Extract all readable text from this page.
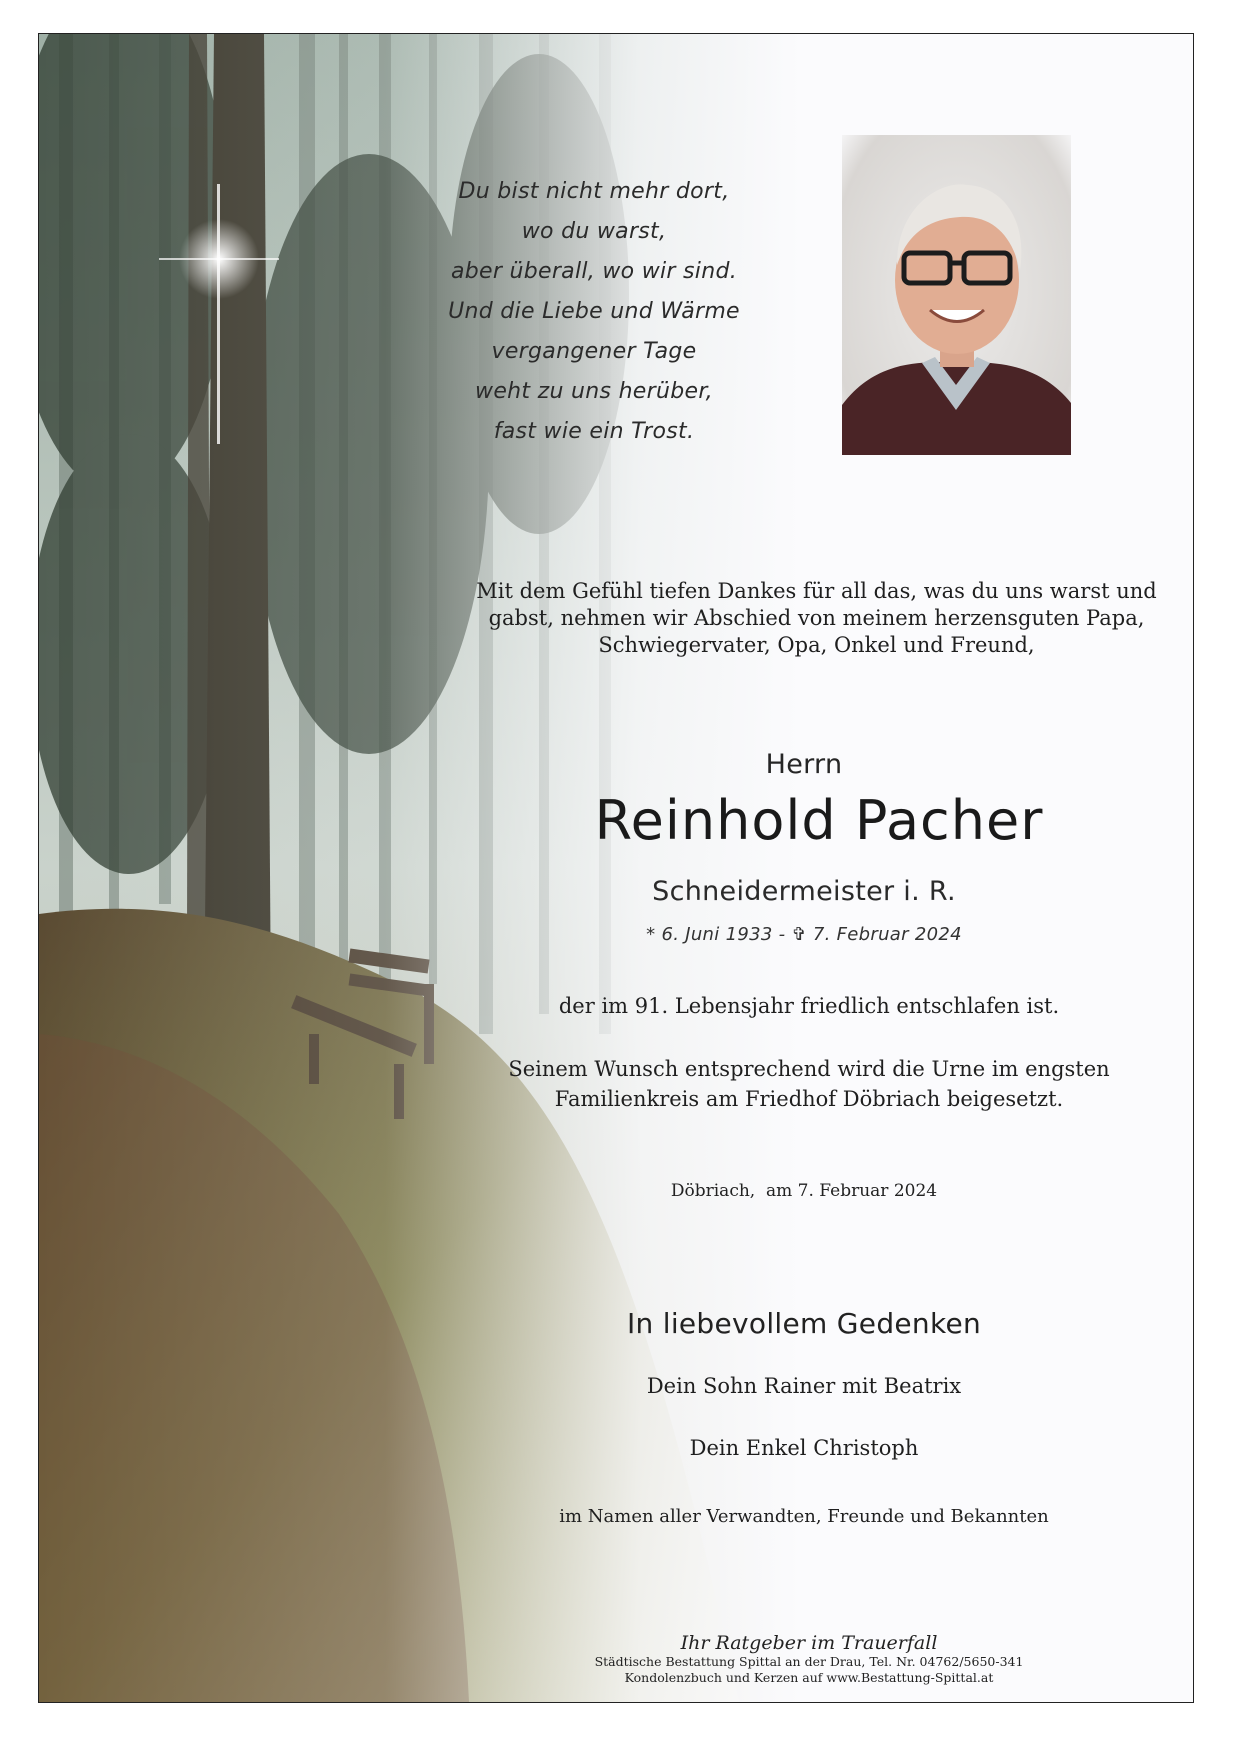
Du bist nicht mehr dort,
wo du warst,
aber überall, wo wir sind.
Und die Liebe und Wärme
vergangener Tage
weht zu uns herüber,
fast wie ein Trost.
Mit dem Gefühl tiefen Dankes für all das, was du uns warst und
gabst, nehmen wir Abschied von meinem herzensguten Papa,
Schwiegervater, Opa, Onkel und Freund,
Herrn
Reinhold Pacher
Schneidermeister i. R.
* 6. Juni 1933 - ✞ 7. Februar 2024
der im 91. Lebensjahr friedlich entschlafen ist.
Seinem Wunsch entsprechend wird die Urne im engsten
Familienkreis am Friedhof Döbriach beigesetzt.
Döbriach,  am 7. Februar 2024
In liebevollem Gedenken
Dein Sohn Rainer mit Beatrix
Dein Enkel Christoph
im Namen aller Verwandten, Freunde und Bekannten
Ihr Ratgeber im Trauerfall
Städtische Bestattung Spittal an der Drau, Tel. Nr. 04762/5650-341
Kondolenzbuch und Kerzen auf www.Bestattung-Spittal.at
